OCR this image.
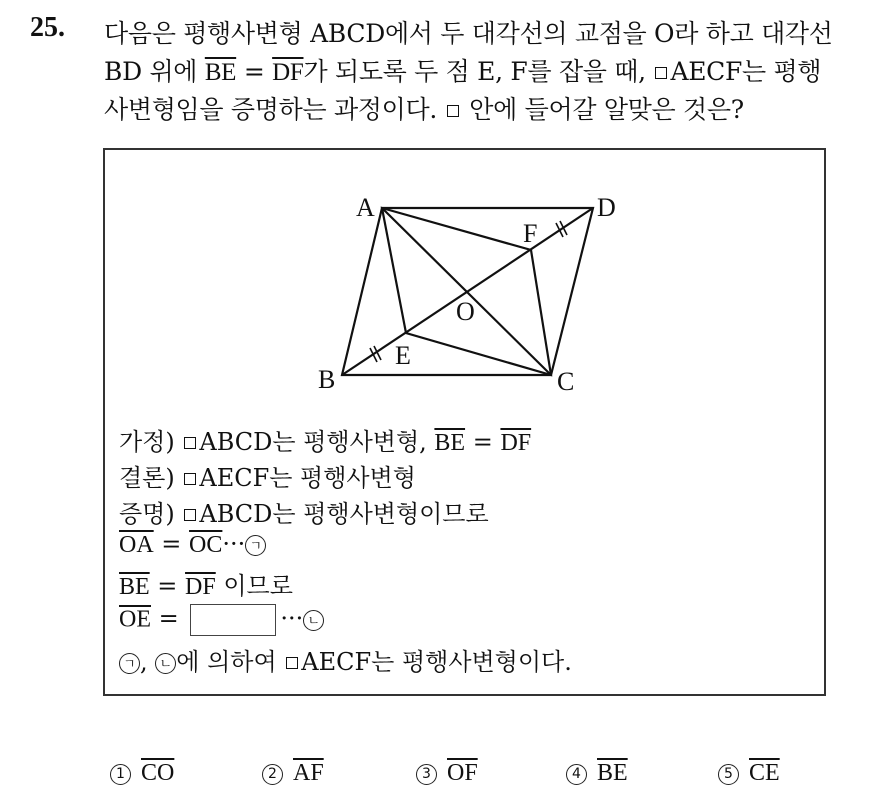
25. 다음은 평행사변형 ABCD에서 두 대각선의 교점을 O라 하고 대각선
BD 위에 $\overline{BE} = \overline{DF}$가 되도록 두 점 E, F를 잡을 때, AECF는 평행
사변형임을 증명하는 과정이다.  안에 들어갈 알맞은 것은?
A	D
B	C
E
F
O
가정) ABCD는 평행사변형, $\overline{BE} = \overline{DF}$
결론) AECF는 평행사변형
증명) ABCD는 평행사변형이므로
$\overline{OA} = \overline{OC}\cdot\cdot\cdot$ ㄱ
$\overline{BE} = \overline{DF}$ 이므로
$\overline{OE}$ =	··· ㄴ
ㄱ , ㄴ 에 의하여 AECF는 평행사변형이다.
1 $\overline{CO}$	2 $\overline{AF}$	3 $\overline{OF}$	4 $\overline{BE}$	5 $\overline{CE}$
